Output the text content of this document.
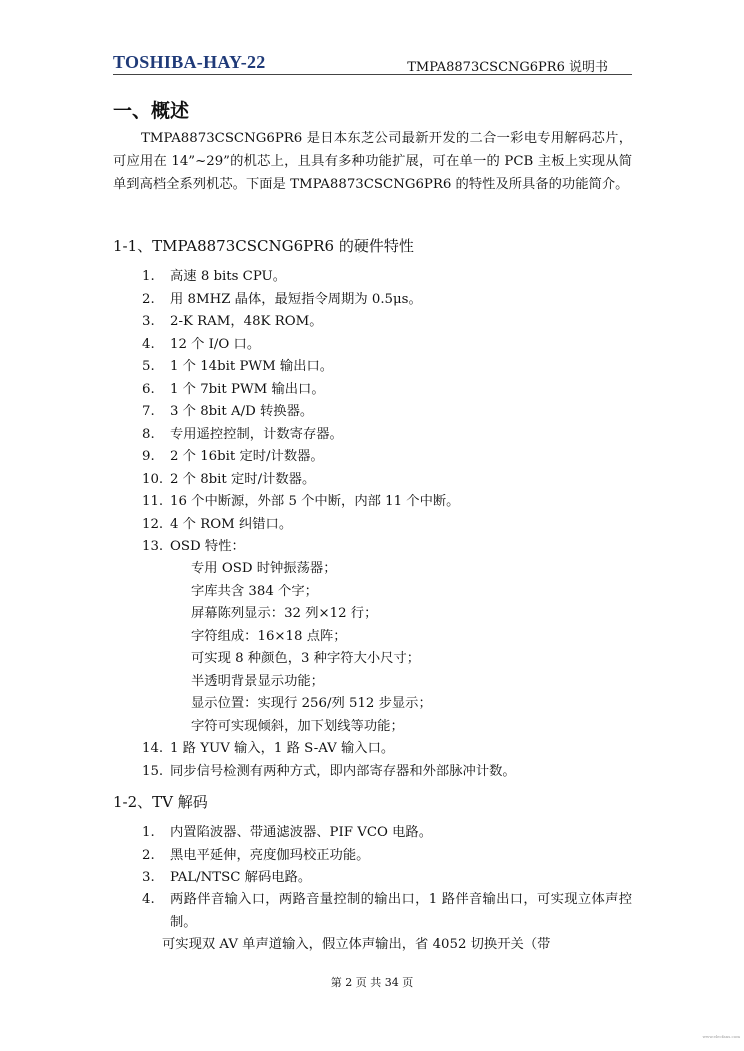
TOSHIBA-HAY-22	TMPA8873CSCNG6PR6 说明书
一、概述
TMPA8873CSCNG6PR6 是日本东芝公司最新开发的二合一彩电专用解码芯片，可应用在 14”~29”的机芯上，且具有多种功能扩展，可在单一的 PCB 主板上实现从简单到高档全系列机芯。下面是 TMPA8873CSCNG6PR6 的特性及所具备的功能简介。
1-1、TMPA8873CSCNG6PR6 的硬件特性
1. 高速 8 bits CPU。
2. 用 8MHZ 晶体，最短指令周期为 0.5μs。
3. 2-K RAM，48K ROM。
4. 12 个 I/O 口。
5. 1 个 14bit PWM 输出口。
6. 1 个 7bit PWM 输出口。
7. 3 个 8bit A/D 转换器。
8. 专用遥控控制，计数寄存器。
9. 2 个 16bit 定时/计数器。
10. 2 个 8bit 定时/计数器。
11. 16 个中断源，外部 5 个中断，内部 11 个中断。
12. 4 个 ROM 纠错口。
13. OSD 特性：
专用 OSD 时钟振荡器；
字库共含 384 个字；
屏幕陈列显示：32 列×12 行；
字符组成：16×18 点阵；
可实现 8 种颜色，3 种字符大小尺寸；
半透明背景显示功能；
显示位置：实现行 256/列 512 步显示；
字符可实现倾斜，加下划线等功能；
14. 1 路 YUV 输入，1 路 S-AV 输入口。
15. 同步信号检测有两种方式，即内部寄存器和外部脉冲计数。
1-2、TV 解码
1. 内置陷波器、带通滤波器、PIF VCO 电路。
2. 黑电平延伸，亮度伽玛校正功能。
3. PAL/NTSC 解码电路。
4.	两路伴音输入口，两路音量控制的输出口，1 路伴音输出口，可实现立体声控制。
可实现双 AV 单声道输入，假立体声输出，省 4052 切换开关（带
第 2 页 共 34 页
www.elecfans.com
